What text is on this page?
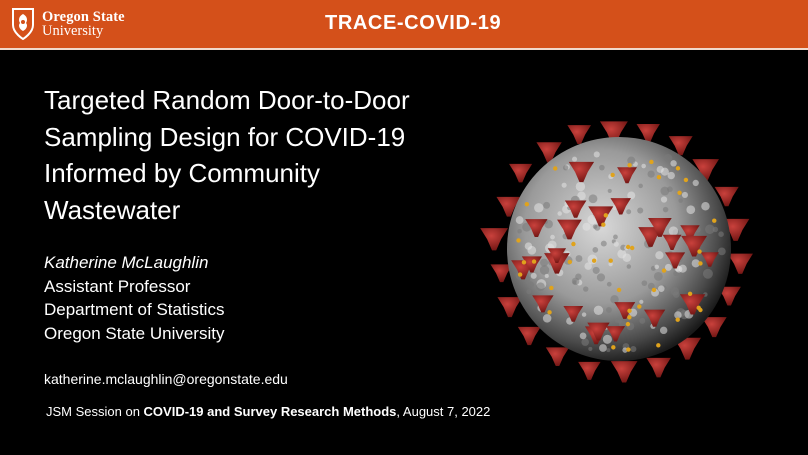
Oregon State
University	TRACE-COVID-19
Targeted Random Door-to-Door
Sampling Design for COVID-19
Informed by Community
Wastewater
Katherine McLaughlin
Assistant Professor
Department of Statistics
Oregon State University
katherine.mclaughlin@oregonstate.edu
JSM Session on COVID-19 and Survey Research Methods, August 7, 2022
